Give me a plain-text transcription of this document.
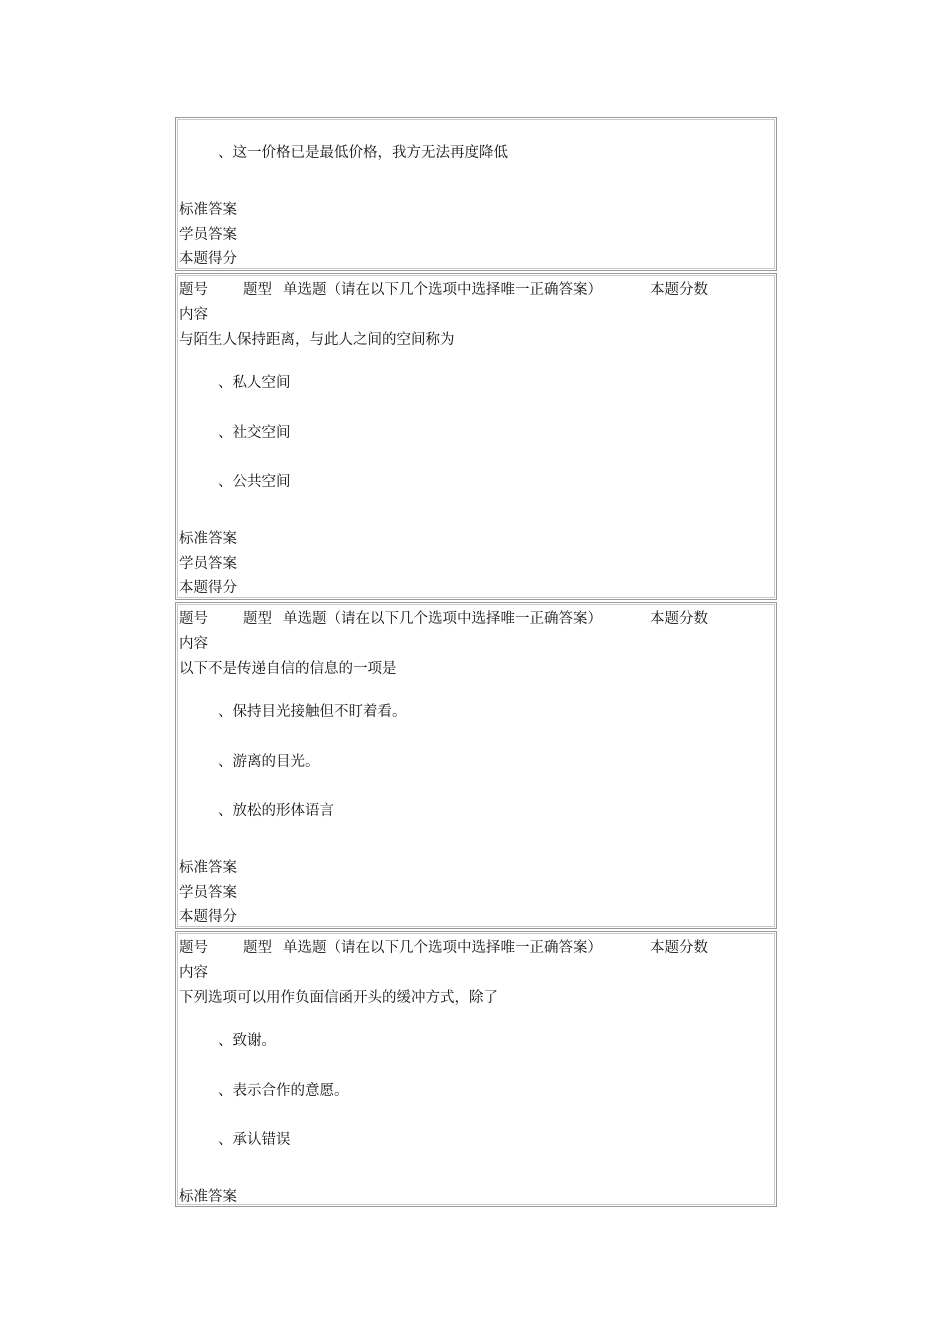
、这一价格已是最低价格，我方无法再度降低
标准答案
学员答案
本题得分
题号 题型 单选题（请在以下几个选项中选择唯一正确答案）	本题分数
内容
与陌生人保持距离，与此人之间的空间称为
、私人空间
、社交空间
、公共空间
标准答案
学员答案
本题得分
题号 题型 单选题（请在以下几个选项中选择唯一正确答案）	本题分数
内容
以下不是传递自信的信息的一项是
、保持目光接触但不盯着看。
、游离的目光。
、放松的形体语言
标准答案
学员答案
本题得分
题号 题型 单选题（请在以下几个选项中选择唯一正确答案）	本题分数
内容
下列选项可以用作负面信函开头的缓冲方式，除了
、致谢。
、表示合作的意愿。
、承认错误
标准答案
